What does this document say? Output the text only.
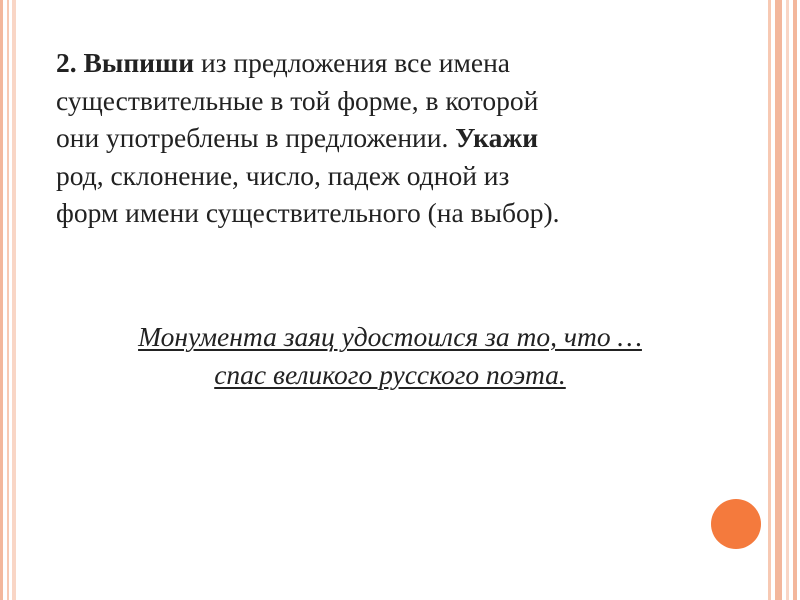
2. Выпиши из предложения все имена
существительные в той форме, в которой
они употреблены в предложении. Укажи
род, склонение, число, падеж одной из
форм имени существительного (на выбор).
Монумента заяц удостоился за то, что …
спас великого русского поэта.
